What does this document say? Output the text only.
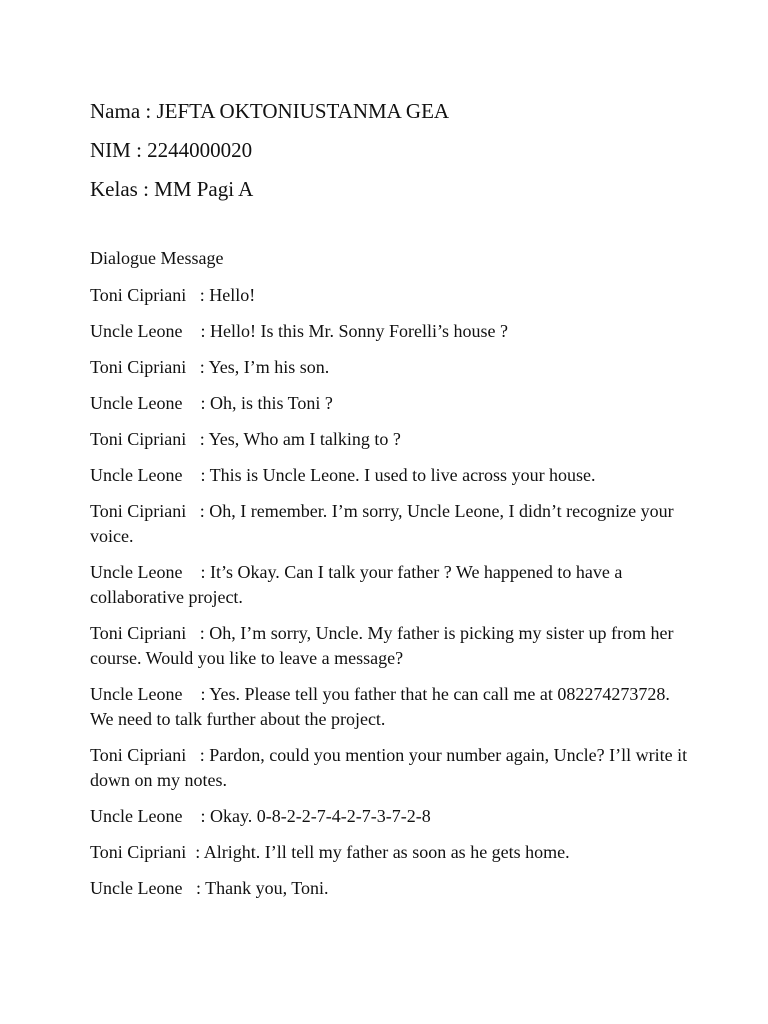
Nama : JEFTA OKTONIUSTANMA GEA
NIM : 2244000020
Kelas : MM Pagi A
Dialogue Message
Toni Cipriani   : Hello!
Uncle Leone    : Hello! Is this Mr. Sonny Forelli’s house ?
Toni Cipriani   : Yes, I’m his son.
Uncle Leone    : Oh, is this Toni ?
Toni Cipriani   : Yes, Who am I talking to ?
Uncle Leone    : This is Uncle Leone. I used to live across your house.
Toni Cipriani   : Oh, I remember. I’m sorry, Uncle Leone, I didn’t recognize your voice.
Uncle Leone    : It’s Okay. Can I talk your father ? We happened to have a collaborative project.
Toni Cipriani   : Oh, I’m sorry, Uncle. My father is picking my sister up from her course. Would you like to leave a message?
Uncle Leone    : Yes. Please tell you father that he can call me at 082274273728. We need to talk further about the project.
Toni Cipriani   : Pardon, could you mention your number again, Uncle? I’ll write it down on my notes.
Uncle Leone    : Okay. 0-8-2-2-7-4-2-7-3-7-2-8
Toni Cipriani  : Alright. I’ll tell my father as soon as he gets home.
Uncle Leone   : Thank you, Toni.
